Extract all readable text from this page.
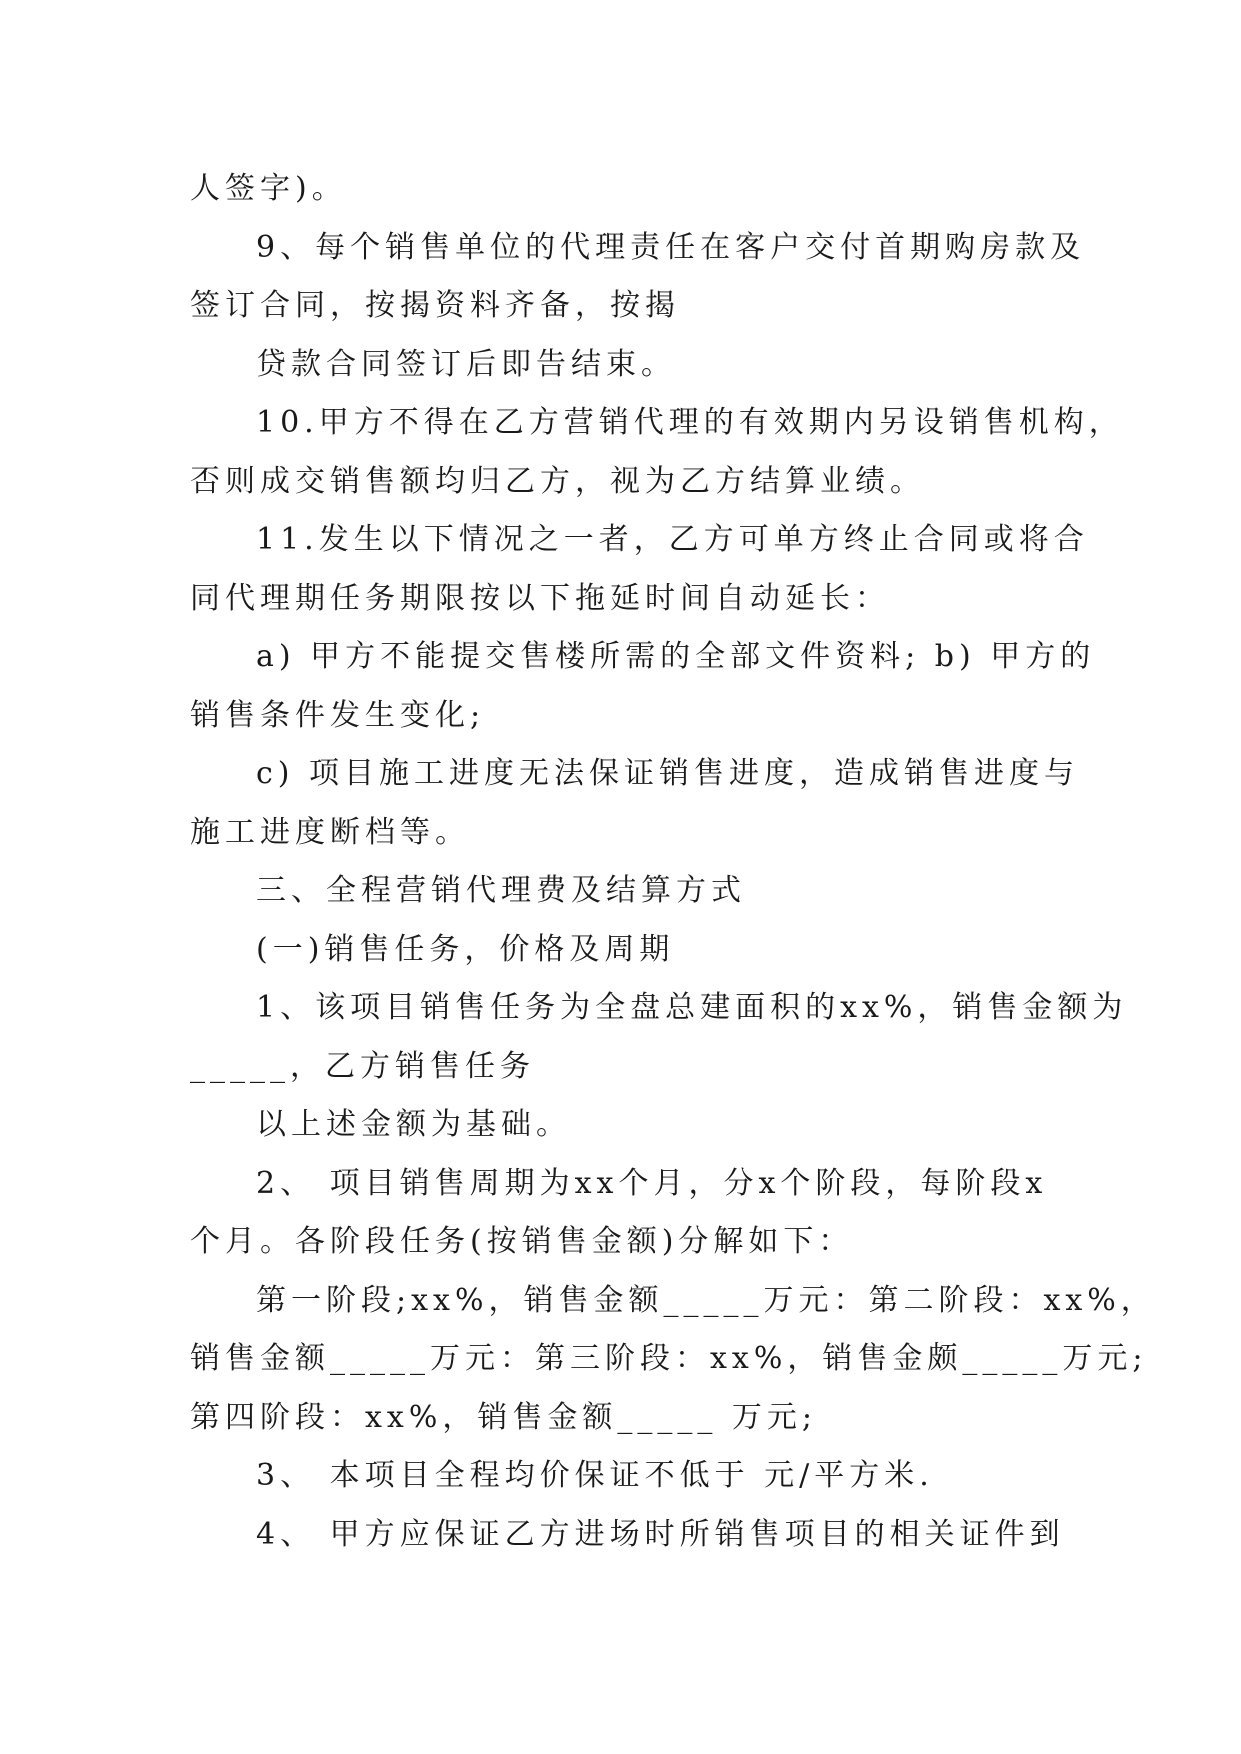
人签字)。
9、每个销售单位的代理责任在客户交付首期购房款及
签订合同，按揭资料齐备，按揭
贷款合同签订后即告结束。
10.甲方不得在乙方营销代理的有效期内另设销售机构，
否则成交销售额均归乙方，视为乙方结算业绩。
11.发生以下情况之一者，乙方可单方终止合同或将合
同代理期任务期限按以下拖延时间自动延长：
a) 甲方不能提交售楼所需的全部文件资料; b) 甲方的
销售条件发生变化;
c) 项目施工进度无法保证销售进度，造成销售进度与
施工进度断档等。
三、全程营销代理费及结算方式
(一)销售任务，价格及周期
1、该项目销售任务为全盘总建面积的xx%，销售金额为
_____，乙方销售任务
以上述金额为基础。
2、 项目销售周期为xx个月，分x个阶段，每阶段x
个月。各阶段任务(按销售金额)分解如下：
第一阶段;xx%，销售金额_____万元：第二阶段：xx%，
销售金额_____万元：第三阶段：xx%，销售金颇_____万元;
第四阶段：xx%，销售金额_____ 万元;
3、 本项目全程均价保证不低于 元/平方米.
4、 甲方应保证乙方进场时所销售项目的相关证件到
